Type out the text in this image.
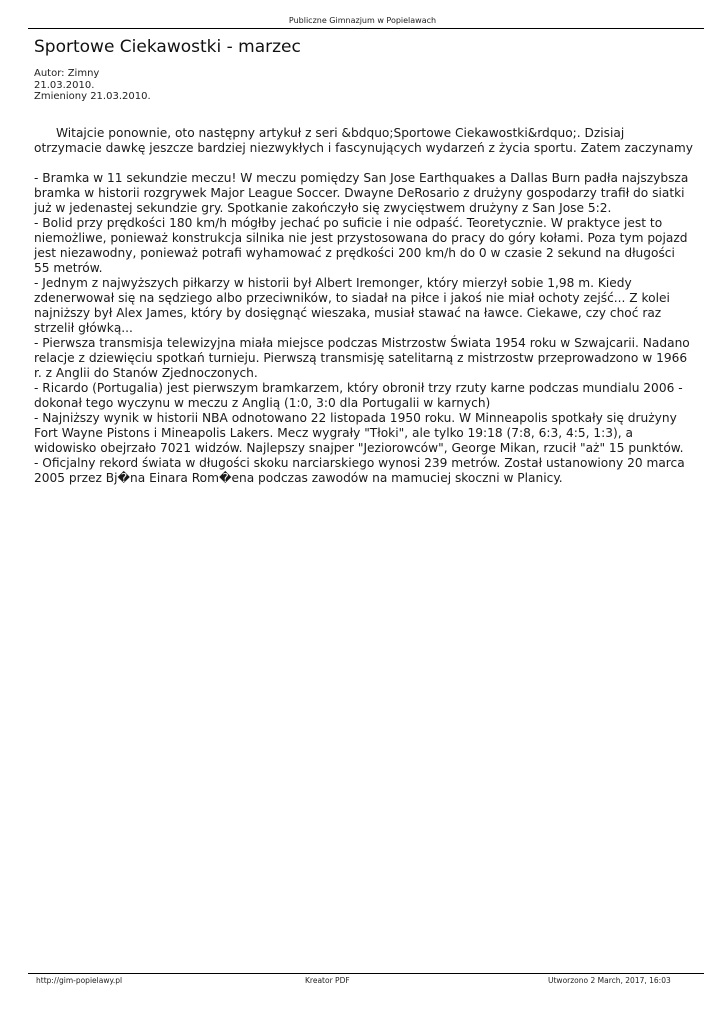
Publiczne Gimnazjum w Popielawach
Sportowe Ciekawostki - marzec
Autor: Zimny
21.03.2010.
Zmieniony 21.03.2010.

Witajcie ponownie, oto następny artykuł z seri &bdquo;Sportowe Ciekawostki&rdquo;. Dzisiaj otrzymacie dawkę jeszcze bardziej niezwykłych i fascynujących wydarzeń z życia sportu. Zatem zaczynamy

- Bramka w 11 sekundzie meczu! W meczu pomiędzy San Jose Earthquakes a Dallas Burn padła najszybsza bramka w historii rozgrywek Major League Soccer. Dwayne DeRosario z drużyny gospodarzy trafił do siatki już w jedenastej sekundzie gry. Spotkanie zakończyło się zwycięstwem drużyny z San Jose 5:2.

- Bolid przy prędkości 180 km/h mógłby jechać po suficie i nie odpaść. Teoretycznie. W praktyce jest to niemożliwe, ponieważ konstrukcja silnika nie jest przystosowana do pracy do góry kołami. Poza tym pojazd jest niezawodny, ponieważ potrafi wyhamować z prędkości 200 km/h do 0 w czasie 2 sekund na długości 55 metrów.

- Jednym z najwyższych piłkarzy w historii był Albert Iremonger, który mierzył sobie 1,98 m. Kiedy zdenerwował się na sędziego albo przeciwników, to siadał na piłce i jakoś nie miał ochoty zejść... Z kolei najniższy był Alex James, który by dosięgnąć wieszaka, musiał stawać na ławce. Ciekawe, czy choć raz strzelił główką...

- Pierwsza transmisja telewizyjna miała miejsce podczas Mistrzostw Świata 1954 roku w Szwajcarii. Nadano relacje z dziewięciu spotkań turnieju. Pierwszą transmisję satelitarną z mistrzostw przeprowadzono w 1966 r. z Anglii do Stanów Zjednoczonych.

- Ricardo (Portugalia) jest pierwszym bramkarzem, który obronił trzy rzuty karne podczas mundialu 2006 - dokonał tego wyczynu w meczu z Anglią (1:0, 3:0 dla Portugalii w karnych)

- Najniższy wynik w historii NBA odnotowano 22 listopada 1950 roku. W Minneapolis spotkały się drużyny Fort Wayne Pistons i Mineapolis Lakers. Mecz wygrały "Tłoki", ale tylko 19:18 (7:8, 6:3, 4:5, 1:3), a widowisko obejrzało 7021 widzów. Najlepszy snajper "Jeziorowców", George Mikan, rzucił "aż" 15 punktów.

- Oficjalny rekord świata w długości skoku narciarskiego wynosi 239 metrów. Został ustanowiony 20 marca 2005 przez Bj�na Einara Rom�ena podczas zawodów na mamuciej skoczni w Planicy.

http://gim-popielawy.pl	Kreator PDF	Utworzono 2 March, 2017, 16:03
